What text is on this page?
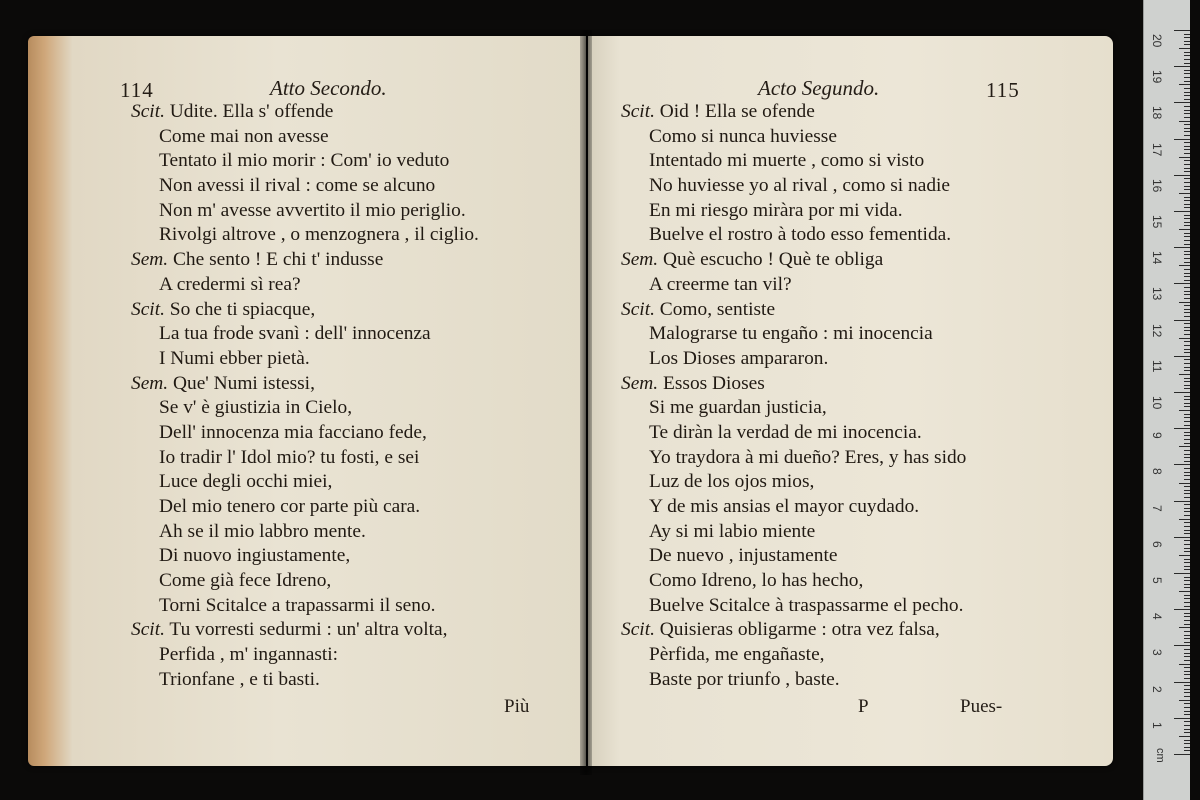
114	Atto Secondo.
Scit. Udite. Ella s' offende
Come mai non avesse
Tentato il mio morir : Com' io veduto
Non avessi il rival : come se alcuno
Non m' avesse avvertito il mio periglio.
Rivolgi altrove , o menzognera , il ciglio.
Sem. Che sento ! E chi t' indusse
A credermi sì rea?
Scit. So che ti spiacque,
La tua frode svanì : dell' innocenza
I Numi ebber pietà.
Sem. Que' Numi istessi,
Se v' è giustizia in Cielo,
Dell' innocenza mia facciano fede,
Io tradir l' Idol mio? tu fosti, e sei
Luce degli occhi miei,
Del mio tenero cor parte più cara.
Ah se il mio labbro mente.
Di nuovo ingiustamente,
Come già fece Idreno,
Torni Scitalce a trapassarmi il seno.
Scit. Tu vorresti sedurmi : un' altra volta,
Perfida , m' ingannasti:
Trionfane , e ti basti.
Più
Acto Segundo.	115
Scit. Oid ! Ella se ofende
Como si nunca huviesse
Intentado mi muerte , como si visto
No huviesse yo al rival , como si nadie
En mi riesgo miràra por mi vida.
Buelve el rostro à todo esso fementida.
Sem. Què escucho ! Què te obliga
A creerme tan vil?
Scit. Como, sentiste
Malograrse tu engaño : mi inocencia
Los Dioses ampararon.
Sem. Essos Dioses
Si me guardan justicia,
Te diràn la verdad de mi inocencia.
Yo traydora à mi dueño? Eres, y has sido
Luz de los ojos mios,
Y de mis ansias el mayor cuydado.
Ay si mi labio miente
De nuevo , injustamente
Como Idreno, lo has hecho,
Buelve Scitalce à traspassarme el pecho.
Scit. Quisieras obligarme : otra vez falsa,
Pèrfida, me engañaste,
Baste por triunfo , baste.
P	Pues-
cm
20
19
18
17
16
15
14
13
12
11
10
9
8
7
6
5
4
3
2
1
